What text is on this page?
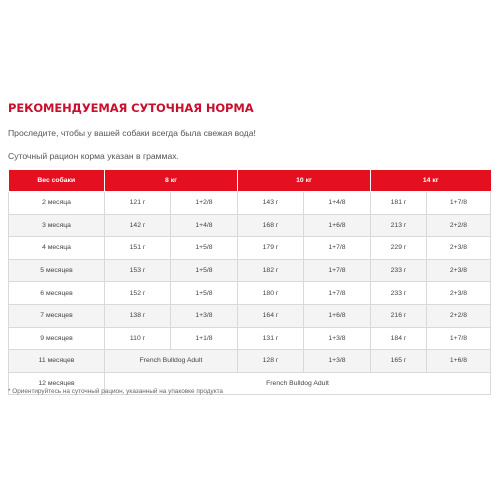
РЕКОМЕНДУЕМАЯ СУТОЧНАЯ НОРМА

Проследите, чтобы у вашей собаки всегда была свежая вода!

Суточный рацион корма указан в граммах.

Вес собаки	8 кг		10 кг		14 кг	
2 месяца	121 г	1+2/8	143 г	1+4/8	181 г	1+7/8
3 месяца	142 г	1+4/8	168 г	1+6/8	213 г	2+2/8
4 месяца	151 г	1+5/8	179 г	1+7/8	229 г	2+3/8
5 месяцев	153 г	1+5/8	182 г	1+7/8	233 г	2+3/8
6 месяцев	152 г	1+5/8	180 г	1+7/8	233 г	2+3/8
7 месяцев	138 г	1+3/8	164 г	1+6/8	216 г	2+2/8
9 месяцев	110 г	1+1/8	131 г	1+3/8	184 г	1+7/8
11 месяцев	French Bulldog Adult		128 г	1+3/8	165 г	1+6/8
12 месяцев	French Bulldog Adult					

* Ориентируйтесь на суточный рацион, указанный на упаковке продукта
